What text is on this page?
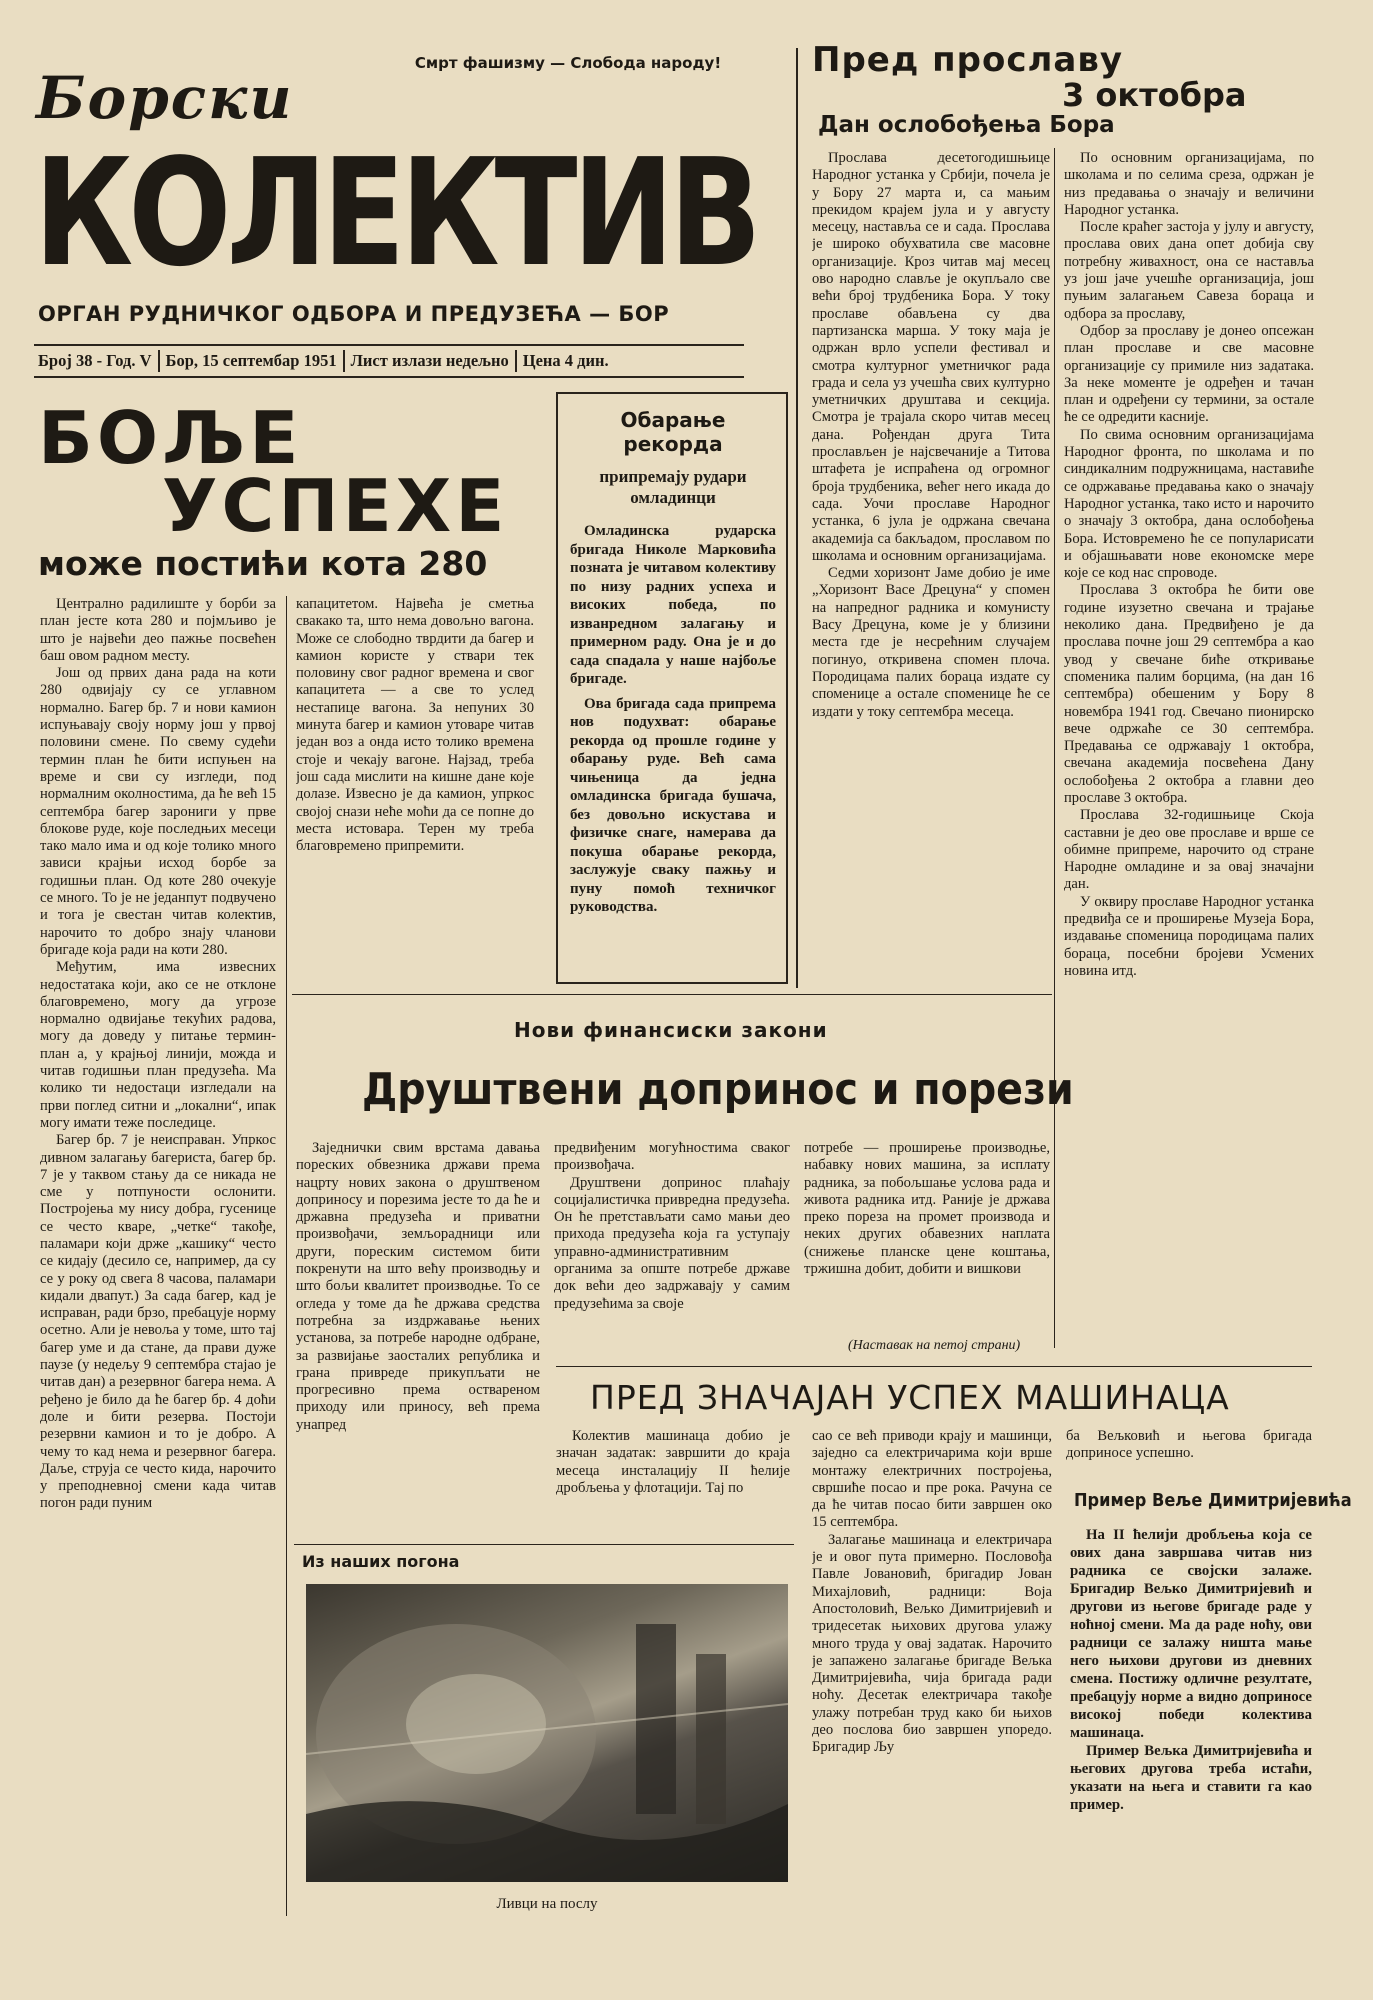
Смрт фашизму — Слобода народу!
Борски
КОЛЕКТИВ
ОРГАН РУДНИЧКОГ ОДБОРА И ПРЕДУЗЕЋА — БОР
Број 38 - Год. V Бор, 15 септембар 1951 Лист излази недељно Цена 4 дин.
Пред прославу
3 октобра
Дан ослобођења Бора

Прослава десетогодишњице Народног устанка у Србији, почела је у Бору 27 марта и, са мањим прекидом крајем јула и у августу месецу, наставља се и сада. Прослава је широко обухватила све масовне организације. Кроз читав мај месец ово народно славље је окупљало све већи број трудбеника Бора. У току прославе обављена су два партизанска марша. У току маја је одржан врло успели фестивал и смотра културног уметничког рада града и села уз учешћа свих културно уметничких друштава и секција. Смотра је трајала скоро читав месец дана. Рођендан друга Тита прослављен је најсвечаније а Титова штафета је испраћена од огромног броја трудбеника, већег него икада до сада. Уочи прославе Народног устанка, 6 јула је одржана свечана академија са бакљадом, прославом по школама и основним организацијама.

Седми хоризонт Јаме добио је име „Хоризонт Васе Дрецуна“ у спомен на напредног радника и комунисту Васу Дрецуна, коме је у близини места где је несрећним случајем погинуо, откривена спомен плоча. Породицама палих бораца издате су споменице а остале споменице ће се издати у току септембра месеца.

По основним организацијама, по школама и по селима среза, одржан је низ предавања о значају и величини Народног устанка.

После краћег застоја у јулу и августу, прослава ових дана опет добија сву потребну живахност, она се наставља уз још јаче учешће организација, још пуњим залагањем Савеза бораца и одбора за прославу,

Одбор за прославу је донео опсежан план прославе и све масовне организације су примиле низ задатака. За неке моменте је одређен и тачан план и одређени су термини, за остале ће се одредити касније.

По свима основним организацијама Народног фронта, по школама и по синдикалним подружницама, наставиће се одржавање предавања како о значају Народног устанка, тако исто и нарочито о значају 3 октобра, дана ослобођења Бора. Истовремено ће се популарисати и објашњавати нове економске мере које се код нас спроводе.

Прослава 3 октобра ће бити ове године изузетно свечана и трајање неколико дана. Предвиђено је да прослава почне још 29 септембра а као увод у свечане биће откривање споменика палим борцима, (на дан 16 септембра) обешеним у Бору 8 новембра 1941 год. Свечано пионирско вече одржаће се 30 септембра. Предавања се одржавају 1 октобра, свечана академија посвећена Дану ослобођења 2 октобра а главни део прославе 3 октобра.

Прослава 32-годишњице Скоја саставни је део ове прославе и врше се обимне припреме, нарочито од стране Народне омладине и за овај значајни дан.

У оквиру прославе Народног устанка предвиђа се и проширење Музеја Бора, издавање споменица породицама палих бораца, посебни бројеви Усмених новина итд.

БОЉЕ
УСПЕХЕ
може постићи кота 280

Централно радилиште у борби за план јесте кота 280 и појмљиво је што је највећи део пажње посвећен баш овом радном месту.

Још од првих дана рада на коти 280 одвијају су се углавном нормално. Багер бр. 7 и нови камион испуњавају своју норму још у првој половини смене. По свему судећи термин план ће бити испуњен на време и сви су изгледи, под нормалним околностима, да ће већ 15 септембра багер зарониги у прве блокове руде, које последњих месеци тако мало има и од које толико много зависи крајњи исход борбе за годишњи план. Од коте 280 очекује се много. То је не једанпут подвучено и тога је свестан читав колектив, нарочито то добро знају чланови бригаде која ради на коти 280.

Међутим, има извесних недостатака који, ако се не отклоне благовремено, могу да угрозе нормално одвијање текућих радова, могу да доведу у питање термин-план а, у крајњој линији, можда и читав годишњи план предузећа. Ма колико ти недостаци изгледали на први поглед ситни и „локални“, ипак могу имати теже последице.

Багер бр. 7 је неисправан. Упркос дивном залагању багериста, багер бр. 7 је у таквом стању да се никада не сме у потпуности ослонити. Постројења му нису добра, гусенице се често кваре, „четке“ такође, паламари који држе „кашику“ често се кидају (десило се, например, да су се у року од свега 8 часова, паламари кидали двапут.) За сада багер, кад је исправан, ради брзо, пребацује норму осетно. Али је невоља у томе, што тај багер уме и да стане, да прави дуже паузе (у недељу 9 септембра стајао је читав дан) а резервног багера нема. А ређено је било да ће багер бр. 4 доћи доле и бити резерва. Постоји резервни камион и то је добро. А чему то кад нема и резервног багера. Даље, струја се често кида, нарочито у преподневној смени када читав погон ради пуним

капацитетом. Највећа је сметња свакако та, што нема довољно вагона. Може се слободно тврдити да багер и камион користе у ствари тек половину свог радног времена и свог капацитета — а све то услед нестапице вагона. За непуних 30 минута багер и камион утоваре читав један воз а онда исто толико времена стоје и чекају вагоне. Најзад, треба још сада мислити на кишне дане које долазе. Извесно је да камион, упркос својој снази неће моћи да се попне до места истовара. Терен му треба благовремено припремити.

Обарање рекорда
припремају рудари омладинци

Омладинска рударска бригада Николе Марковића позната је читавом колективу по низу радних успеха и високих победа, по изванредном залагању и примерном раду. Она је и до сада спадала у наше најбоље бригаде.

Ова бригада сада припрема нов подухват: обарање рекорда од прошле године у обарању руде. Већ сама чињеница да једна омладинска бригада бушача, без довољно искустава и физичке снаге, намерава да покуша обарање рекорда, заслужује сваку пажњу и пуну помоћ техничког руководства.

Нови финансиски закони
Друштвени допринос и порези

Заједнички свим врстама давања пореских обвезника држави према нацрту нових закона о друштвеном доприносу и порезима јесте то да ће и државна предузећа и приватни произвођачи, земљорадници или други, пореским системом бити покренути на што већу производњу и што бољи квалитет производње. То се огледа у томе да ће држава средства потребна за издржавање њених установа, за потребе народне одбране, за развијање заосталих република и грана привреде прикупљати не прогресивно према оствареном приходу или приносу, већ према унапред

предвиђеним могућностима сваког произвођача.

Друштвени допринос плаћају социјалистичка привредна предузећа. Он ће претстављати само мањи део прихода предузећа која га уступају управно-административним органима за опште потребе државе док већи део задржавају у самим предузећима за своје

потребе — проширење производње, набавку нових машина, за исплату радника, за побољшање услова рада и живота радника итд. Раније је држава преко пореза на промет производа и неких других обавезних наплата (снижење планске цене коштања, тржишна добит, добити и вишкови

(Наставак на петој страни)
ПРЕД ЗНАЧАЈАН УСПЕХ МАШИНАЦА

Колектив машинаца добио је значан задатак: завршити до краја месеца инсталацију II ћелије дробљења у флотацији. Тај по

сао се већ приводи крају и машинци, заједно са електричарима који врше монтажу електричних постројења, свршиће посао и пре рока. Рачуна се да ће читав посао бити завршен око 15 септембра.

Залагање машинаца и електричара је и овог пута примерно. Пословођа Павле Јовановић, бригадир Јован Михајловић, радници: Воја Апостоловић, Вељко Димитријевић и тридесетак њихових другова улажу много труда у овај задатак. Нарочито је запажено залагање бригаде Вељка Димитријевића, чија бригада ради ноћу. Десетак електричара такође улажу потребан труд како би њихов део послова био завршен упоредо. Бригадир Љу

ба Вељковић и његова бригада доприносе успешно.

Пример Веље Димитријевића

На II ћелији дробљења која се ових дана завршава читав низ радника се својски залаже. Бригадир Вељко Димитријевић и другови из његове бригаде раде у ноћној смени. Ма да раде ноћу, ови радници се залажу ништа мање него њихови другови из дневних смена. Постижу одличне резултате, пребацују норме а видно доприносе високој победи колектива машинаца.

Пример Вељка Димитријевића и његових другова треба истаћи, указати на њега и ставити га као пример.

Из наших погона
Ливци на послу
